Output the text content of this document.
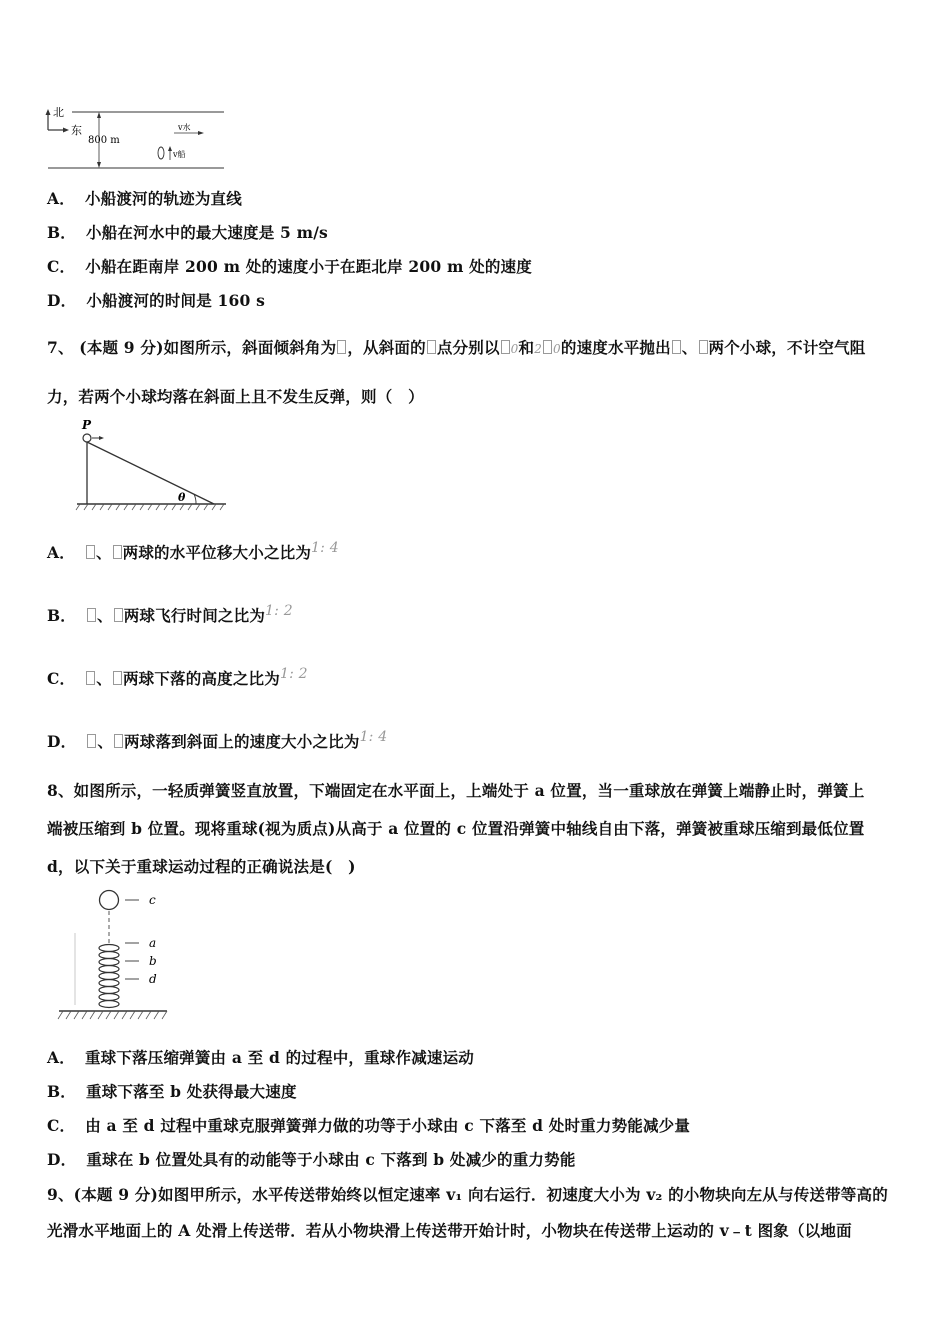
北
东
800 m
v水
v船
A． 小船渡河的轨迹为直线
B． 小船在河水中的最大速度是 5 m/s
C． 小船在距南岸 200 m 处的速度小于在距北岸 200 m 处的速度
D． 小船渡河的时间是 160 s
7、 (本题 9 分)如图所示，斜面倾斜角为 ，从斜面的 点分别以 0和2 0的速度水平抛出 、 两个小球，不计空气阻
力，若两个小球均落在斜面上且不发生反弹，则（　）
P
θ
A． 、 两球的水平位移大小之比为1: 4
B． 、 两球飞行时间之比为1: 2
C． 、 两球下落的高度之比为1: 2
D． 、 两球落到斜面上的速度大小之比为1: 4
8、如图所示，一轻质弹簧竖直放置，下端固定在水平面上，上端处于 a 位置，当一重球放在弹簧上端静止时，弹簧上
端被压缩到 b 位置。现将重球(视为质点)从高于 a 位置的 c 位置沿弹簧中轴线自由下落，弹簧被重球压缩到最低位置
d，以下关于重球运动过程的正确说法是(　)
c
a
b
d
A． 重球下落压缩弹簧由 a 至 d 的过程中，重球作减速运动
B． 重球下落至 b 处获得最大速度
C． 由 a 至 d 过程中重球克服弹簧弹力做的功等于小球由 c 下落至 d 处时重力势能减少量
D． 重球在 b 位置处具有的动能等于小球由 c 下落到 b 处减少的重力势能
9、(本题 9 分)如图甲所示，水平传送带始终以恒定速率 v₁ 向右运行．初速度大小为 v₂ 的小物块向左从与传送带等高的
光滑水平地面上的 A 处滑上传送带．若从小物块滑上传送带开始计时，小物块在传送带上运动的 v﹣t 图象（以地面
